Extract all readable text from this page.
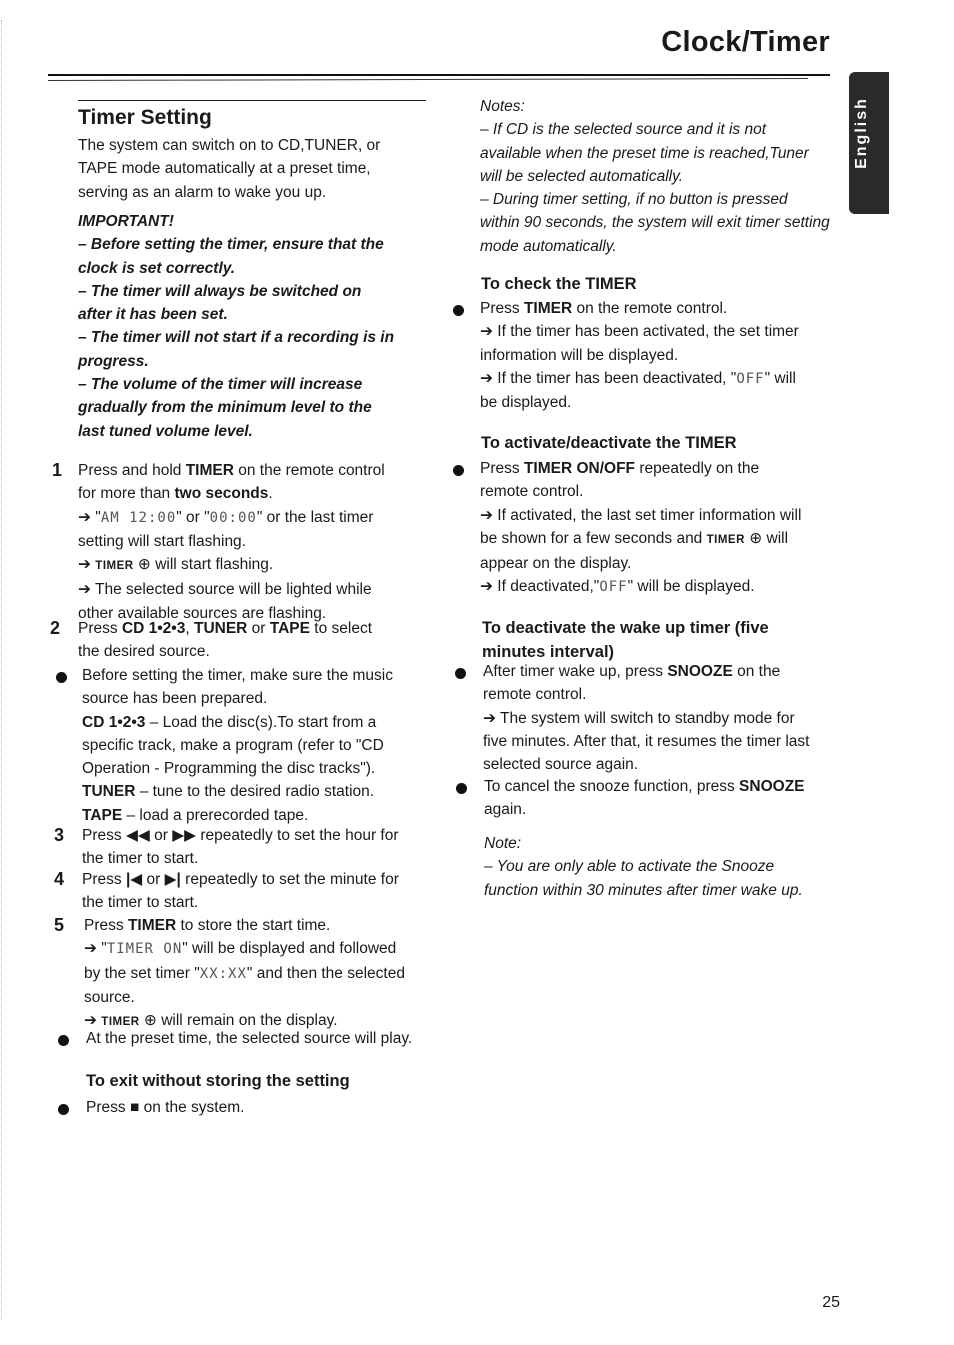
Clock/Timer
English
Timer Setting
The system can switch on to CD,TUNER, or
TAPE mode automatically at a preset time,
serving as an alarm to wake you up.
IMPORTANT!
– Before setting the timer, ensure that the
clock is set correctly.
– The timer will always be switched on
after it has been set.
– The timer will not start if a recording is in
progress.
– The volume of the timer will increase
gradually from the minimum level to the
last tuned volume level.
1 Press and hold TIMER on the remote control
for more than two seconds.
➔ "AM 12:00" or "00:00" or the last timer
setting will start flashing.
➔ TIMER ⊕ will start flashing.
➔ The selected source will be lighted while
other available sources are flashing.
2 Press CD 1•2•3, TUNER or TAPE to select
the desired source.
Before setting the timer, make sure the music
source has been prepared.
CD 1•2•3 – Load the disc(s).To start from a
specific track, make a program (refer to "CD
Operation - Programming the disc tracks").
TUNER – tune to the desired radio station.
TAPE – load a prerecorded tape.
3 Press ◀◀ or ▶▶ repeatedly to set the hour for
the timer to start.
4 Press |◀ or ▶| repeatedly to set the minute for
the timer to start.
5 Press TIMER to store the start time.
➔ "TIMER ON" will be displayed and followed
by the set timer "XX:XX" and then the selected
source.
➔ TIMER ⊕ will remain on the display.
At the preset time, the selected source will play.
To exit without storing the setting
Press ■ on the system.
Notes:
– If CD is the selected source and it is not
available when the preset time is reached,Tuner
will be selected automatically.
– During timer setting, if no button is pressed
within 90 seconds, the system will exit timer setting
mode automatically.
To check the TIMER
Press TIMER on the remote control.
➔ If the timer has been activated, the set timer
information will be displayed.
➔ If the timer has been deactivated, "OFF" will
be displayed.
To activate/deactivate the TIMER
Press TIMER ON/OFF repeatedly on the
remote control.
➔ If activated, the last set timer information will
be shown for a few seconds and TIMER ⊕ will
appear on the display.
➔ If deactivated,"OFF" will be displayed.
To deactivate the wake up timer (five
minutes interval)
After timer wake up, press SNOOZE on the
remote control.
➔ The system will switch to standby mode for
five minutes. After that, it resumes the timer last
selected source again.
To cancel the snooze function, press SNOOZE
again.
Note:
– You are only able to activate the Snooze
function within 30 minutes after timer wake up.
25
